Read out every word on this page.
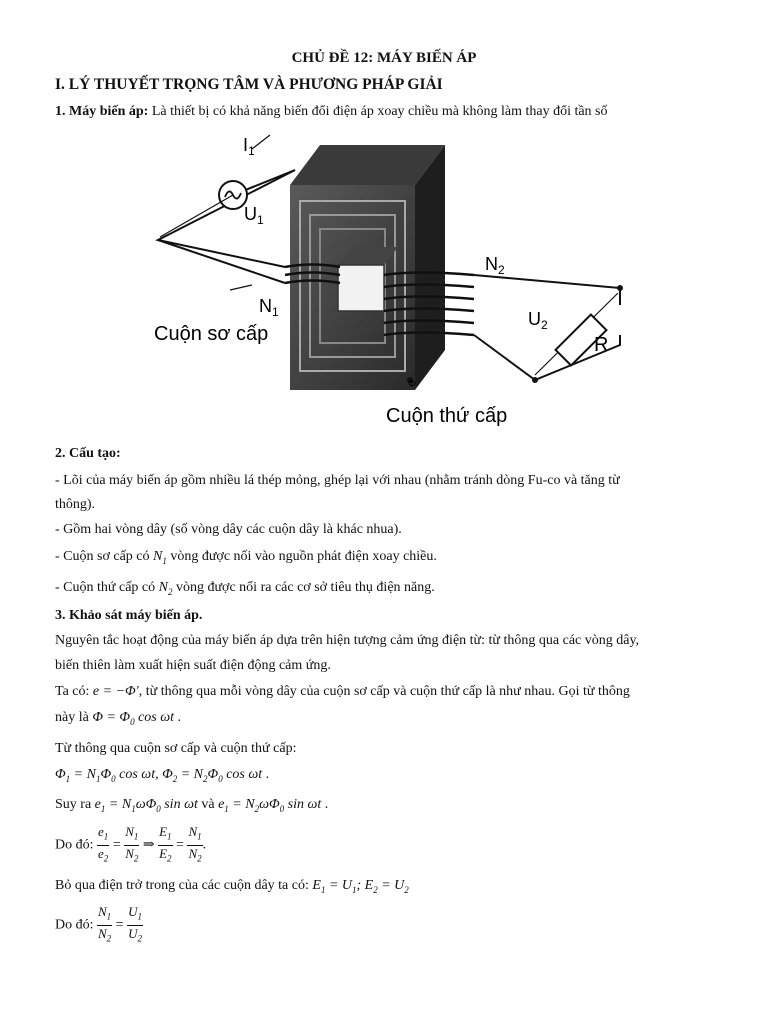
CHỦ ĐỀ 12: MÁY BIẾN ÁP
I. LÝ THUYẾT TRỌNG TÂM VÀ PHƯƠNG PHÁP GIẢI
1. Máy biến áp: Là thiết bị có khả năng biến đổi điện áp xoay chiều mà không làm thay đổi tần số
$I_1$
$U_1$
$N_1$
$N_2$
$U_2$
R
Φ
Cuộn sơ cấp
Cuộn thứ cấp
2. Cấu tạo:
- Lõi của máy biến áp gồm nhiều lá thép mỏng, ghép lại với nhau (nhằm tránh dòng Fu-co và tăng từ
thông).
- Gồm hai vòng dây (số vòng dây các cuộn dây là khác nhua).
- Cuộn sơ cấp có $N_1$ vòng được nối vào nguồn phát điện xoay chiều.
- Cuộn thứ cấp có $N_2$ vòng được nối ra các cơ sở tiêu thụ điện năng.
3. Khảo sát máy biến áp.
Nguyên tắc hoạt động của máy biến áp dựa trên hiện tượng cảm ứng điện từ: từ thông qua các vòng dây,
biến thiên làm xuất hiện suất điện động cảm ứng.
Ta có: e = −Φ′, từ thông qua mỗi vòng dây của cuộn sơ cấp và cuộn thứ cấp là như nhau. Gọi từ thông
này là $\Phi = \Phi_0$ cos ωt .
Từ thông qua cuộn sơ cấp và cuộn thứ cấp:
$\Phi_1 = N_1\Phi_0$ cos ωt, $\Phi_2 = N_2\Phi_0$ cos ωt .
Suy ra $e_1 = N_1\omega\Phi_0$ sin ωt và $e_1 = N_2\omega\Phi_0$ sin ωt .
Do đó: $\frac{e_1}{e_2} = \frac{N_1}{N_2}$ ⇒ $\frac{E_1}{E_2} = \frac{N_1}{N_2}$ .
Bỏ qua điện trở trong của các cuộn dây ta có: $E_1 = U_1$; $E_2 = U_2$
Do đó: $\frac{N_1}{N_2} = \frac{U_1}{U_2}$
